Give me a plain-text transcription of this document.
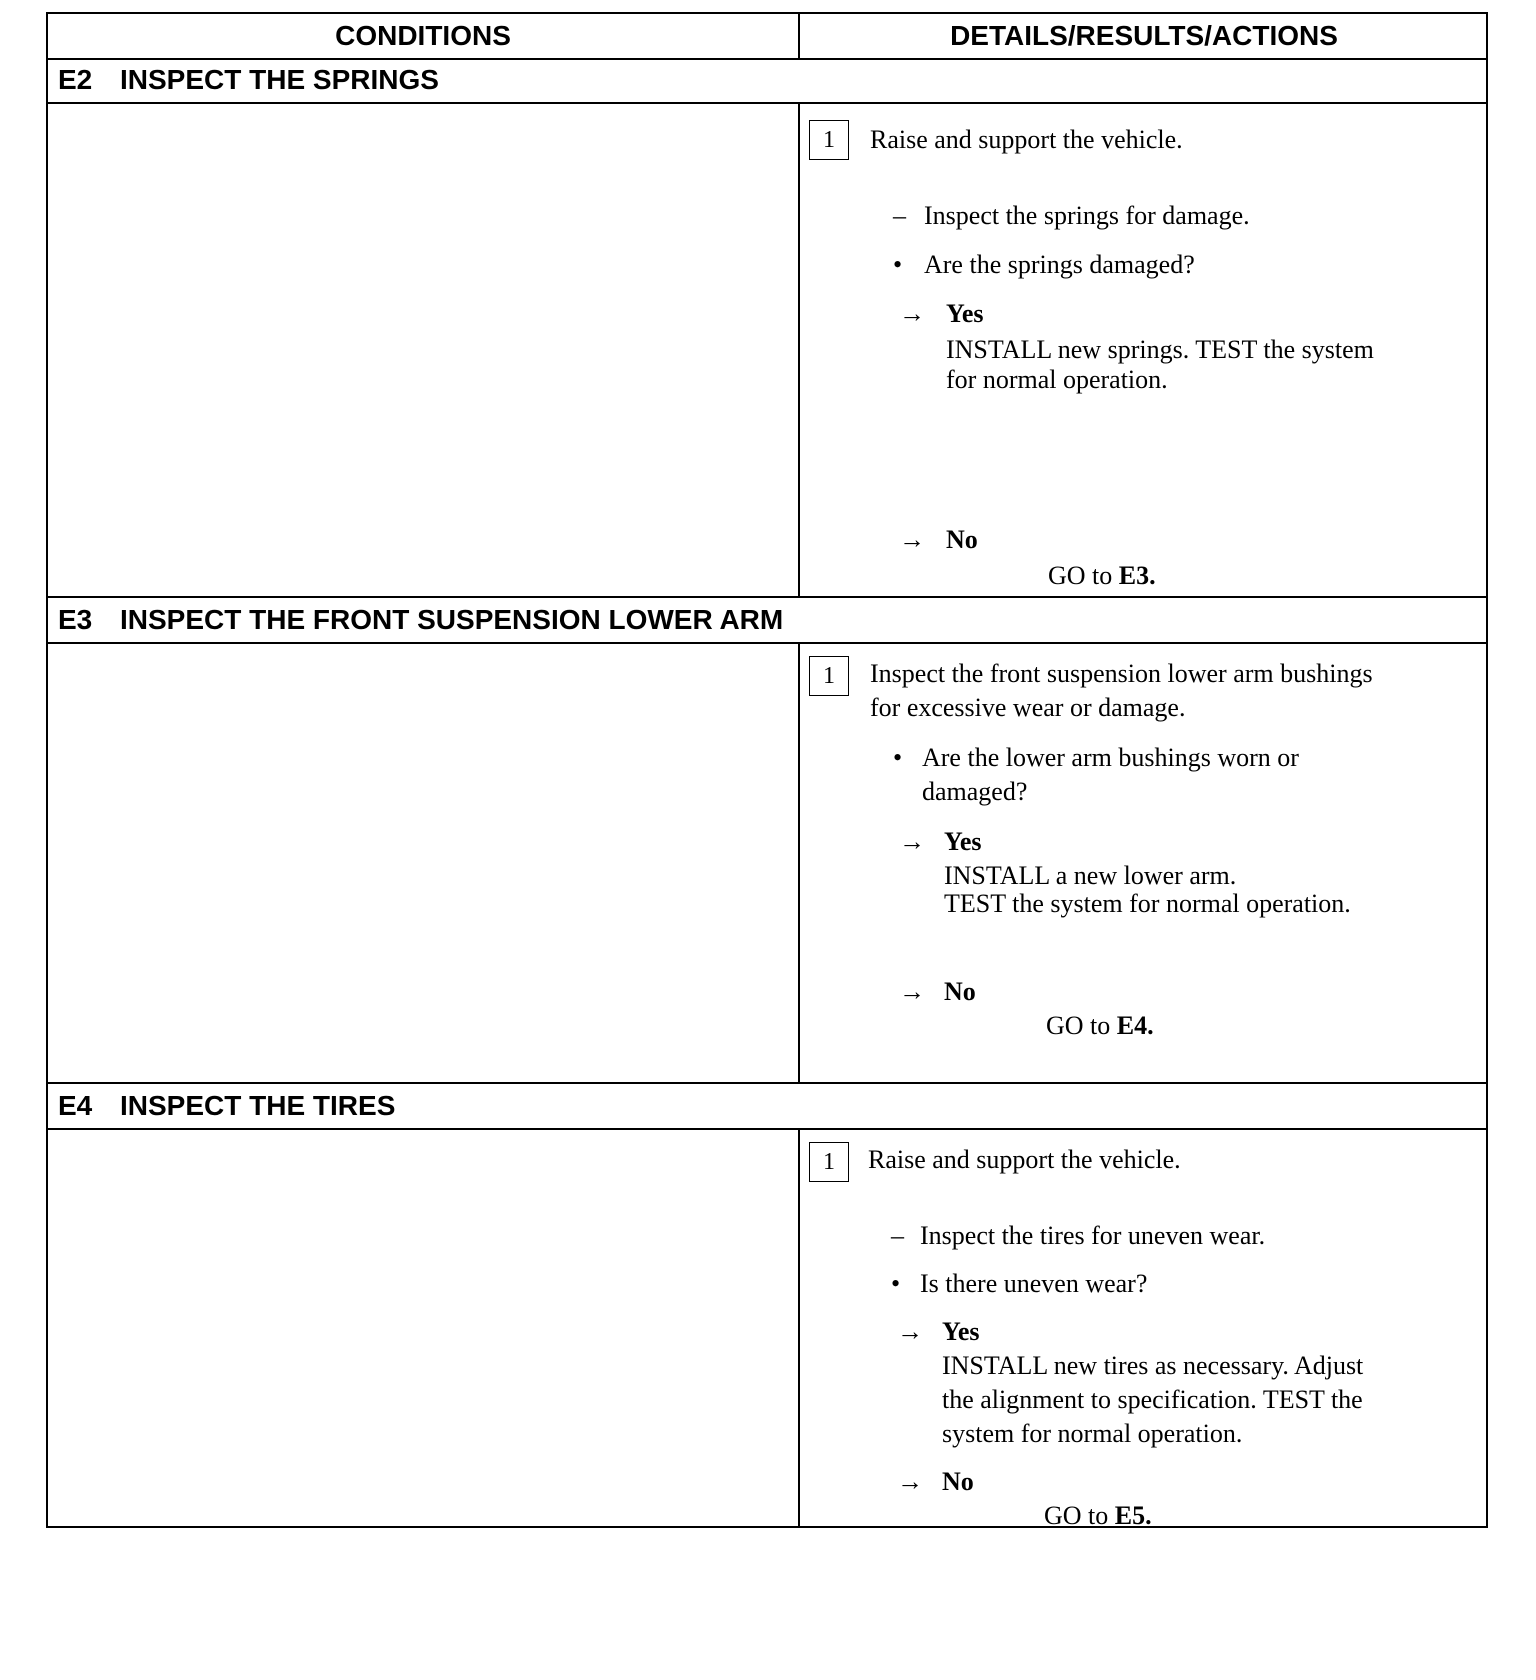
CONDITIONS	DETAILS/RESULTS/ACTIONS
E2 INSPECT THE SPRINGS
1	Raise and support the vehicle.
– Inspect the springs for damage.
• Are the springs damaged?
→ Yes
INSTALL new springs. TEST the system
for normal operation.
→ No
GO to E3.
E3 INSPECT THE FRONT SUSPENSION LOWER ARM
1	Inspect the front suspension lower arm bushings
for excessive wear or damage.
• Are the lower arm bushings worn or
damaged?
→ Yes
INSTALL a new lower arm.
TEST the system for normal operation.
→ No
GO to E4.
E4 INSPECT THE TIRES
1	Raise and support the vehicle.
– Inspect the tires for uneven wear.
• Is there uneven wear?
→ Yes
INSTALL new tires as necessary. Adjust
the alignment to specification. TEST the
system for normal operation.
→ No
GO to E5.
